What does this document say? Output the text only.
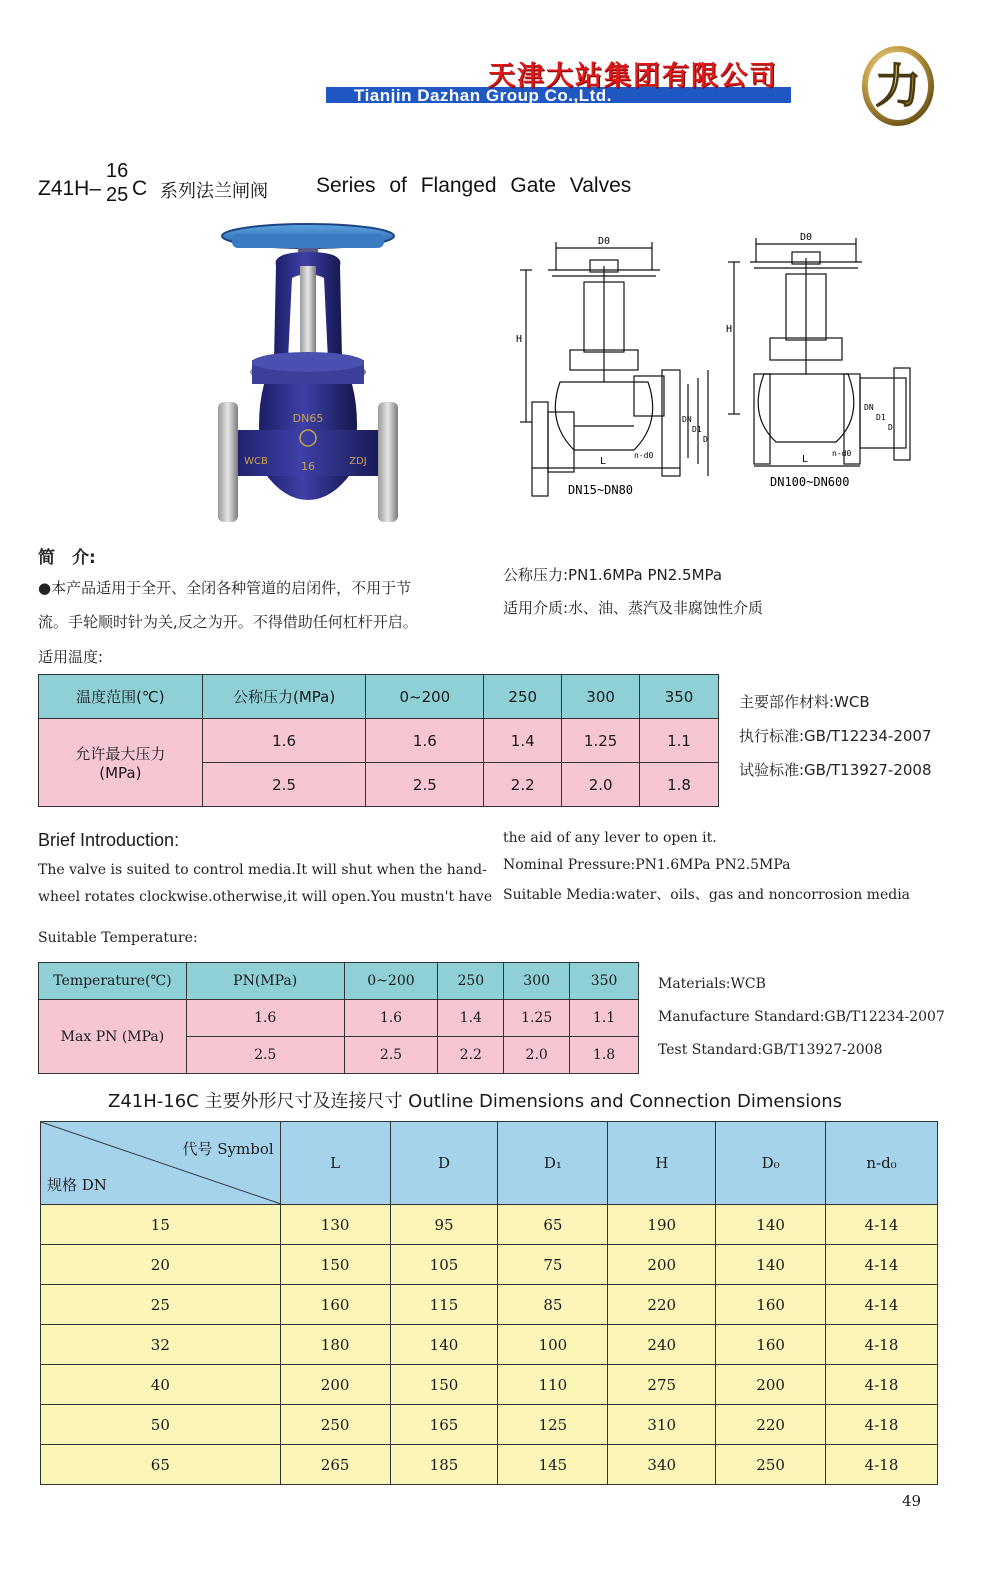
Tianjin Dazhan Group Co.,Ltd.
天津大站集团有限公司 力
Z41H–
16
25 C 系列法兰闸阀 Series of Flanged Gate Valves
DN65
16
WCB	ZDJ
D0
H
L
DN
D1
D
n-d0
DN15~DN80
D0
H
L
DN
D1
D
n-d0
DN100~DN600
简　介:
●本产品适用于全开、全闭各种管道的启闭件，不用于节
流。手轮顺时针为关,反之为开。不得借助任何杠杆开启。
适用温度:
公称压力:PN1.6MPa PN2.5MPa
适用介质:水、油、蒸汽及非腐蚀性介质
温度范围(℃)	公称压力(MPa)	0~200	250	300	350

允许最大压力
(MPa)	1.6	1.6	1.4	1.25	1.1
	2.5	2.5	2.2	2.0	1.8
主要部作材料:WCB
执行标准:GB/T12234-2007
试验标准:GB/T13927-2008
Brief Introduction:
The valve is suited to control media.It will shut when the hand-
wheel rotates clockwise.otherwise,it will open.You mustn't have
the aid of any lever to open it.
Nominal Pressure:PN1.6MPa PN2.5MPa
Suitable Media:water、oils、gas and noncorrosion media
Suitable Temperature:
Temperature(℃)	PN(MPa)	0~200	250	300	350
Max PN (MPa)	1.6	1.6	1.4	1.25	1.1
	2.5	2.5	2.2	2.0	1.8
Materials:WCB
Manufacture Standard:GB/T12234-2007
Test Standard:GB/T13927-2008
Z41H-16C 主要外形尺寸及连接尺寸 Outline Dimensions and Connection Dimensions
代号 Symbol
规格 DN	L	D	D₁	H	D₀	n-d₀
15	130	95	65	190	140	4-14
20	150	105	75	200	140	4-14
25	160	115	85	220	160	4-14
32	180	140	100	240	160	4-18
40	200	150	110	275	200	4-18
50	250	165	125	310	220	4-18
65	265	185	145	340	250	4-18
49
